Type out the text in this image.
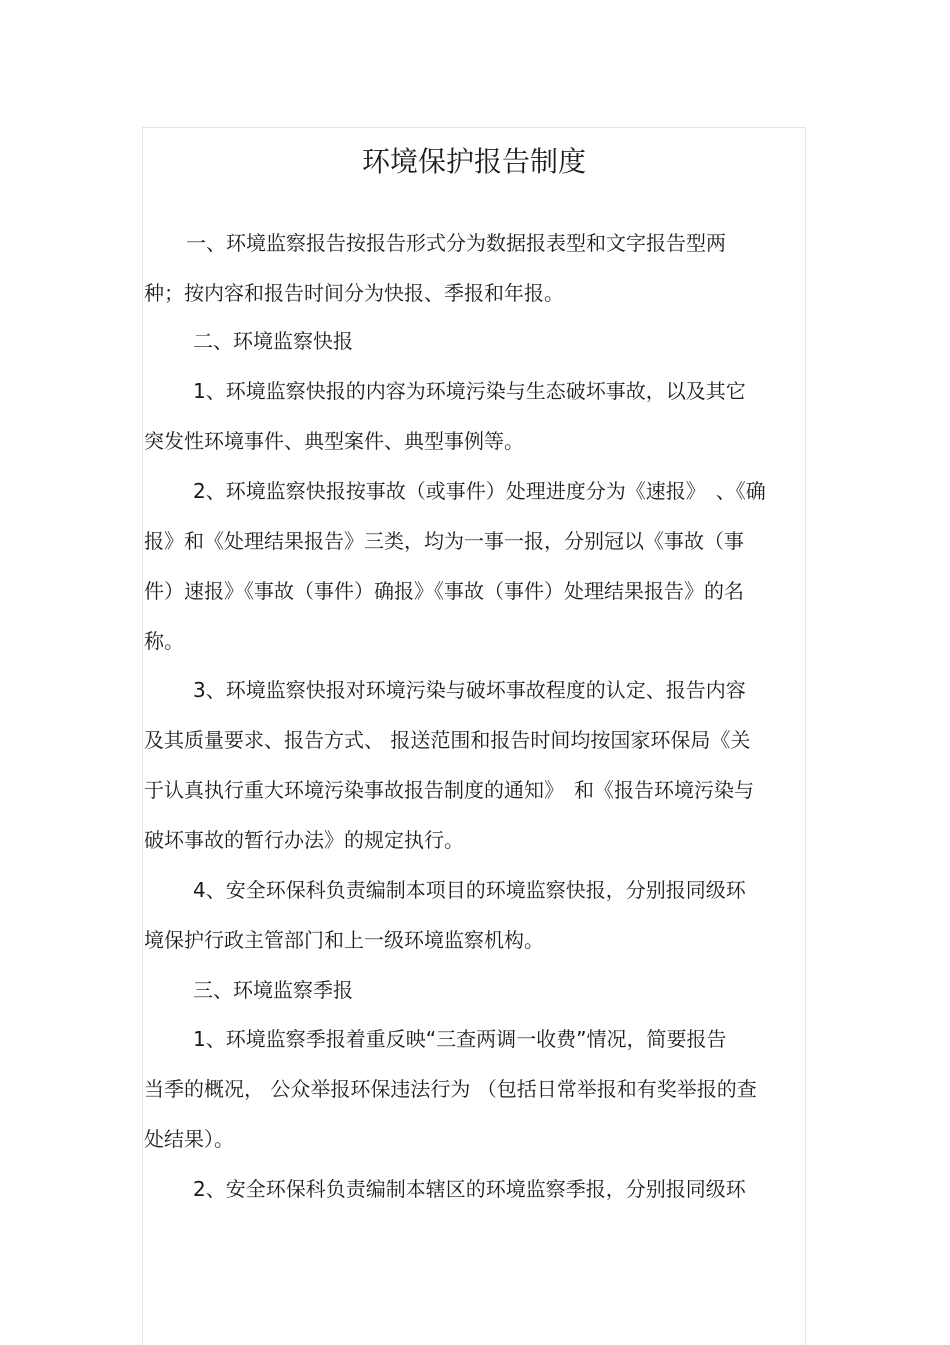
环境保护报告制度
一、环境监察报告按报告形式分为数据报表型和文字报告型两
种；按内容和报告时间分为快报、季报和年报。
二、环境监察快报
1、环境监察快报的内容为环境污染与生态破坏事故，以及其它
突发性环境事件、典型案件、典型事例等。
2、环境监察快报按事故（或事件）处理进度分为《速报》　、《确
报》和《处理结果报告》三类，均为一事一报，分别冠以《事故（事
件）速报》《事故（事件）确报》《事故（事件）处理结果报告》的名
称。
3、环境监察快报对环境污染与破坏事故程度的认定、报告内容
及其质量要求、报告方式、 报送范围和报告时间均按国家环保局《关
于认真执行重大环境污染事故报告制度的通知》　和《报告环境污染与
破坏事故的暂行办法》的规定执行。
4、安全环保科负责编制本项目的环境监察快报，分别报同级环
境保护行政主管部门和上一级环境监察机构。
三、环境监察季报
1、环境监察季报着重反映“三查两调一收费”情况，简要报告
当季的概况， 公众举报环保违法行为 （包括日常举报和有奖举报的查
处结果）。
2、安全环保科负责编制本辖区的环境监察季报，分别报同级环
